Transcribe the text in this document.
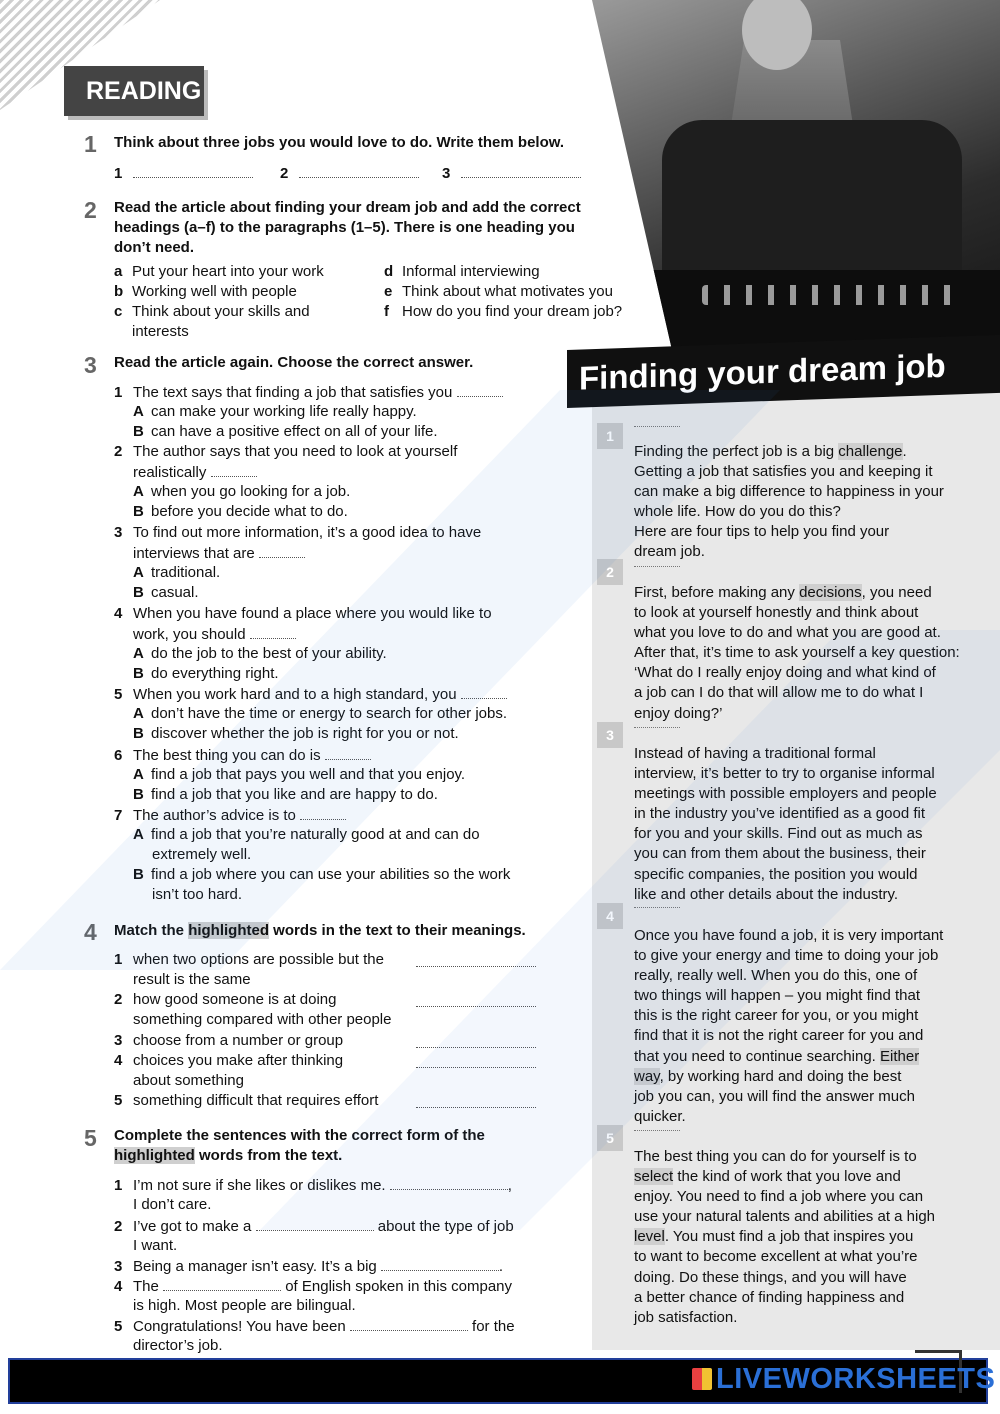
READING
1 Think about three jobs you would love to do. Write them below.
1	2	3
2 Read the article about finding your dream job and add the correct headings (a–f) to the paragraphs (1–5). There is one heading you don’t need.
a Put your heart into your work
b Working well with people
c Think about your skills and
interests
d Informal interviewing
e Think about what motivates you
f How do you find your dream job?
3 Read the article again. Choose the correct answer.
1 The text says that finding a job that satisfies you
A can make your working life really happy.
B can have a positive effect on all of your life.
2 The author says that you need to look at yourself
realistically
A when you go looking for a job.
B before you decide what to do.
3 To find out more information, it’s a good idea to have
interviews that are
A traditional.
B casual.
4 When you have found a place where you would like to
work, you should
A do the job to the best of your ability.
B do everything right.
5 When you work hard and to a high standard, you
A don’t have the time or energy to search for other jobs.
B discover whether the job is right for you or not.
6 The best thing you can do is
A find a job that pays you well and that you enjoy.
B find a job that you like and are happy to do.
7 The author’s advice is to
A find a job that you’re naturally good at and can do
extremely well.
B find a job where you can use your abilities so the work
isn’t too hard.
4 Match the highlighted words in the text to their meanings.
1 when two options are possible but the
result is the same
2 how good someone is at doing
something compared with other people
3 choose from a number or group
4 choices you make after thinking
about something
5 something difficult that requires effort
5 Complete the sentences with the correct form of the
highlighted words from the text.
1 I’m not sure if she likes or dislikes me.	,
I don’t care.
2 I’ve got to make a	about the type of job
I want.
3 Being a manager isn’t easy. It’s a big	.
4 The	of English spoken in this company
is high. Most people are bilingual.
5 Congratulations! You have been	for the
director’s job.
Finding your dream job
1
Finding the perfect job is a big challenge.
Getting a job that satisfies you and keeping it
can make a big difference to happiness in your
whole life. How do you do this?
Here are four tips to help you find your
dream job.
2
First, before making any decisions, you need
to look at yourself honestly and think about
what you love to do and what you are good at.
After that, it’s time to ask yourself a key question:
‘What do I really enjoy doing and what kind of
a job can I do that will allow me to do what I
enjoy doing?’
3
Instead of having a traditional formal
interview, it’s better to try to organise informal
meetings with possible employers and people
in the industry you’ve identified as a good fit
for you and your skills. Find out as much as
you can from them about the business, their
specific companies, the position you would
like and other details about the industry.
4
Once you have found a job, it is very important
to give your energy and time to doing your job
really, really well. When you do this, one of
two things will happen – you might find that
this is the right career for you, or you might
find that it is not the right career for you and
that you need to continue searching. Either
way, by working hard and doing the best
job you can, you will find the answer much
quicker.
5
The best thing you can do for yourself is to
select the kind of work that you love and
enjoy. You need to find a job where you can
use your natural talents and abilities at a high
level. You must find a job that inspires you
to want to become excellent at what you’re
doing. Do these things, and you will have
a better chance of finding happiness and
job satisfaction.
LIVEWORKSHEETS
